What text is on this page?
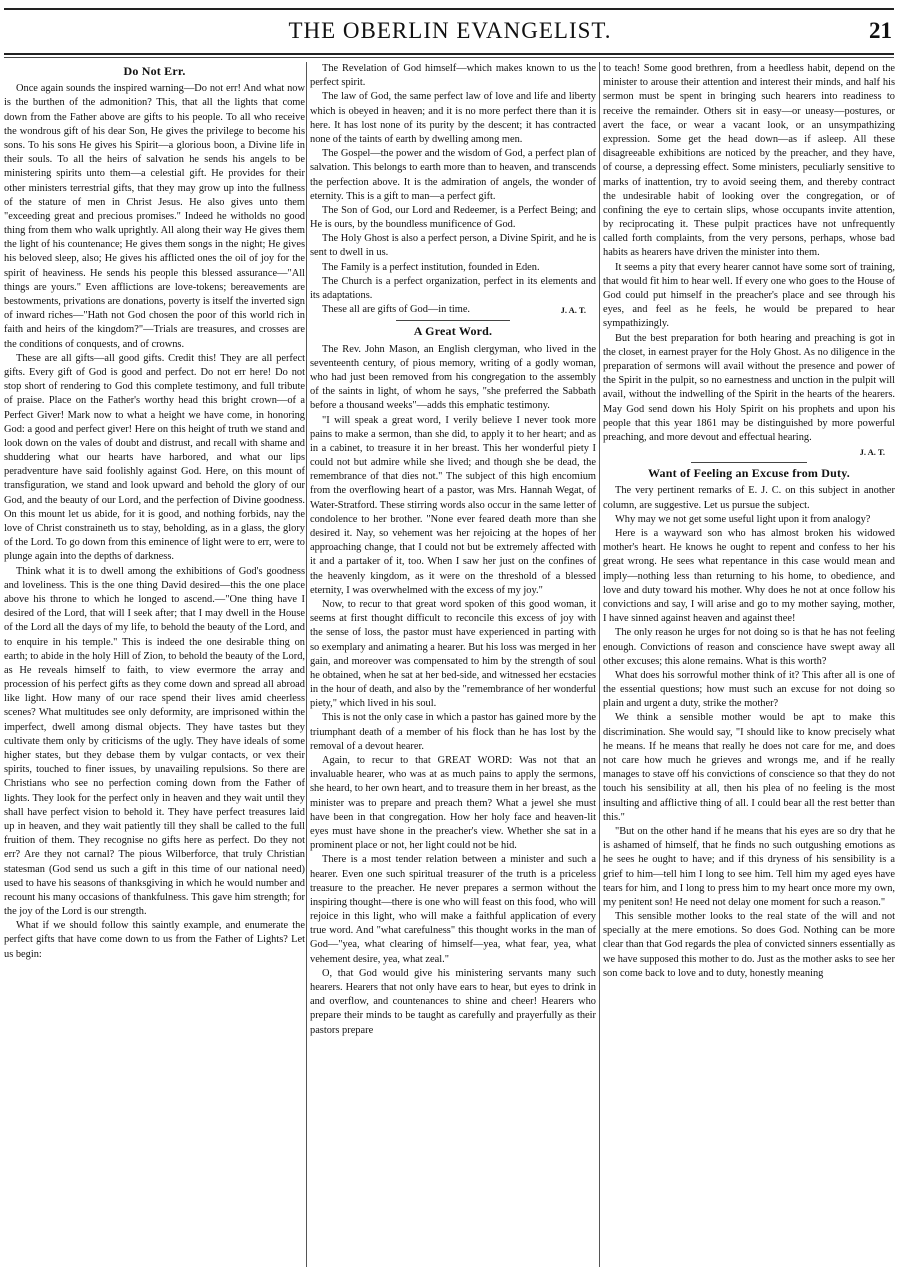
THE OBERLIN EVANGELIST.	21
Do Not Err.

Once again sounds the inspired warning—Do not err! And what now is the burthen of the admonition? This, that all the lights that come down from the Father above are gifts to his people. To all who receive the wondrous gift of his dear Son, He gives the privilege to become his sons. To his sons He gives his Spirit—a glorious boon, a Divine life in their souls. To all the heirs of salvation he sends his angels to be ministering spirits unto them—a celestial gift. He provides for their other ministers terrestrial gifts, that they may grow up into the fullness of the stature of men in Christ Jesus. He also gives unto them "exceeding great and precious promises." Indeed he witholds no good thing from them who walk uprightly. All along their way He gives them the light of his countenance; He gives them songs in the night; He gives his beloved sleep, also; He gives his afflicted ones the oil of joy for the spirit of heaviness. He sends his people this blessed assurance—"All things are yours." Even afflictions are love-tokens; bereavements are bestowments, privations are donations, poverty is itself the inverted sign of inward riches—"Hath not God chosen the poor of this world rich in faith and heirs of the kingdom?"—Trials are treasures, and crosses are the conditions of conquests, and of crowns.

These are all gifts—all good gifts. Credit this! They are all perfect gifts. Every gift of God is good and perfect. Do not err here! Do not stop short of rendering to God this complete testimony, and full tribute of praise. Place on the Father's worthy head this bright crown—of a Perfect Giver! Mark now to what a height we have come, in honoring God: a good and perfect giver! Here on this height of truth we stand and look down on the vales of doubt and distrust, and recall with shame and shuddering what our hearts have harbored, and what our lips peradventure have said foolishly against God. Here, on this mount of transfiguration, we stand and look upward and behold the glory of our God, and the beauty of our Lord, and the perfection of Divine goodness. On this mount let us abide, for it is good, and nothing forbids, nay the love of Christ constraineth us to stay, beholding, as in a glass, the glory of the Lord. To go down from this eminence of light were to err, were to plunge again into the depths of darkness.

Think what it is to dwell among the exhibitions of God's goodness and loveliness. This is the one thing David desired—this the one place above his throne to which he longed to ascend.—"One thing have I desired of the Lord, that will I seek after; that I may dwell in the House of the Lord all the days of my life, to behold the beauty of the Lord, and to enquire in his temple." This is indeed the one desirable thing on earth; to abide in the holy Hill of Zion, to behold the beauty of the Lord, as He reveals himself to faith, to view evermore the array and procession of his perfect gifts as they come down and spread all abroad like light. How many of our race spend their lives amid cheerless scenes? What multitudes see only deformity, are imprisoned within the imperfect, dwell among dismal objects. They have tastes but they cultivate them only by criticisms of the ugly. They have ideals of some higher states, but they debase them by vulgar contacts, or vex their spirits, touched to finer issues, by unavailing repulsions. So there are Christians who see no perfection coming down from the Father of lights. They look for the perfect only in heaven and they wait until they shall have perfect vision to behold it. They have perfect treasures laid up in heaven, and they wait patiently till they shall be called to the full fruition of them. They recognise no gifts here as perfect. Do they not err? Are they not carnal? The pious Wilberforce, that truly Christian statesman (God send us such a gift in this time of our national need) used to have his seasons of thanksgiving in which he would number and recount his many occasions of thankfulness. This gave him strength; for the joy of the Lord is our strength.

What if we should follow this saintly example, and enumerate the perfect gifts that have come down to us from the Father of Lights? Let us begin:

The Revelation of God himself—which makes known to us the perfect spirit.

The law of God, the same perfect law of love and life and liberty which is obeyed in heaven; and it is no more perfect there than it is here. It has lost none of its purity by the descent; it has contracted none of the taints of earth by dwelling among men.

The Gospel—the power and the wisdom of God, a perfect plan of salvation. This belongs to earth more than to heaven, and transcends the perfection above. It is the admiration of angels, the wonder of eternity. This is a gift to man—a perfect gift.

The Son of God, our Lord and Redeemer, is a Perfect Being; and He is ours, by the boundless munificence of God.

The Holy Ghost is also a perfect person, a Divine Spirit, and he is sent to dwell in us.

The Family is a perfect institution, founded in Eden.

The Church is a perfect organization, perfect in its elements and its adaptations.

These all are gifts of God—in time.	J. A. T.
A Great Word.

The Rev. John Mason, an English clergyman, who lived in the seventeenth century, of pious memory, writing of a godly woman, who had just been removed from his congregation to the assembly of the saints in light, of whom he says, "she preferred the Sabbath before a thousand weeks"—adds this emphatic testimony.

"I will speak a great word, I verily believe I never took more pains to make a sermon, than she did, to apply it to her heart; and as in a cabinet, to treasure it in her breast. This her wonderful piety I could not but admire while she lived; and though she be dead, the remembrance of that dies not." The subject of this high encomium from the overflowing heart of a pastor, was Mrs. Hannah Wegat, of Water-Stratford. These stirring words also occur in the same letter of condolence to her brother. "None ever feared death more than she desired it. Nay, so vehement was her rejoicing at the hopes of her approaching change, that I could not but be extremely affected with it and a partaker of it, too. When I saw her just on the confines of the heavenly kingdom, as it were on the threshold of a blessed eternity, I was overwhelmed with the excess of my joy."

Now, to recur to that great word spoken of this good woman, it seems at first thought difficult to reconcile this excess of joy with the sense of loss, the pastor must have experienced in parting with so exemplary and animating a hearer. But his loss was merged in her gain, and moreover was compensated to him by the strength of soul he obtained, when he sat at her bed-side, and witnessed her ecstacies in the hour of death, and also by the "remembrance of her wonderful piety," which lived in his soul.

This is not the only case in which a pastor has gained more by the triumphant death of a member of his flock than he has lost by the removal of a devout hearer.

Again, to recur to that GREAT WORD: Was not that an invaluable hearer, who was at as much pains to apply the sermons, she heard, to her own heart, and to treasure them in her breast, as the minister was to prepare and preach them? What a jewel she must have been in that congregation. How her holy face and heaven-lit eyes must have shone in the preacher's view. Whether she sat in a prominent place or not, her light could not be hid.

There is a most tender relation between a minister and such a hearer. Even one such spiritual treasurer of the truth is a priceless treasure to the preacher. He never prepares a sermon without the inspiring thought—there is one who will feast on this food, who will rejoice in this light, who will make a faithful application of every true word. And "what carefulness" this thought works in the man of God—"yea, what clearing of himself—yea, what fear, yea, what vehement desire, yea, what zeal."

O, that God would give his ministering servants many such hearers. Hearers that not only have ears to hear, but eyes to drink in and overflow, and countenances to shine and cheer! Hearers who prepare their minds to be taught as carefully and prayerfully as their pastors prepare

to teach! Some good brethren, from a heedless habit, depend on the minister to arouse their attention and interest their minds, and half his sermon must be spent in bringing such hearers into readiness to receive the remainder. Others sit in easy—or uneasy—postures, or avert the face, or wear a vacant look, or an unsympathizing expression. Some get the head down—as if asleep. All these disagreeable exhibitions are noticed by the preacher, and they have, of course, a depressing effect. Some ministers, peculiarly sensitive to marks of inattention, try to avoid seeing them, and thereby contract the undesirable habit of looking over the congregation, or of confining the eye to certain slips, whose occupants invite attention, by reciprocating it. These pulpit practices have not unfrequently called forth complaints, from the very persons, perhaps, whose bad habits as hearers have driven the minister into them.

It seems a pity that every hearer cannot have some sort of training, that would fit him to hear well. If every one who goes to the House of God could put himself in the preacher's place and see through his eyes, and feel as he feels, he would be prepared to hear sympathizingly.

But the best preparation for both hearing and preaching is got in the closet, in earnest prayer for the Holy Ghost. As no diligence in the preparation of sermons will avail without the presence and power of the Spirit in the pulpit, so no earnestness and unction in the pulpit will avail, without the indwelling of the Spirit in the hearts of the hearers. May God send down his Holy Spirit on his prophets and upon his people that this year 1861 may be distinguished by more powerful preaching, and more devout and effectual hearing.

J. A. T.
Want of Feeling an Excuse from Duty.

The very pertinent remarks of E. J. C. on this subject in another column, are suggestive. Let us pursue the subject.

Why may we not get some useful light upon it from analogy?

Here is a wayward son who has almost broken his widowed mother's heart. He knows he ought to repent and confess to her his great wrong. He sees what repentance in this case would mean and imply—nothing less than returning to his home, to obedience, and love and duty toward his mother. Why does he not at once follow his convictions and say, I will arise and go to my mother saying, mother, I have sinned against heaven and against thee!

The only reason he urges for not doing so is that he has not feeling enough. Convictions of reason and conscience have swept away all other excuses; this alone remains. What is this worth?

What does his sorrowful mother think of it? This after all is one of the essential questions; how must such an excuse for not doing so plain and urgent a duty, strike the mother?

We think a sensible mother would be apt to make this discrimination. She would say, "I should like to know precisely what he means. If he means that really he does not care for me, and does not care how much he grieves and wrongs me, and if he really manages to stave off his convictions of conscience so that they do not touch his sensibility at all, then his plea of no feeling is the most insulting and afflictive thing of all. I could bear all the rest better than this."

"But on the other hand if he means that his eyes are so dry that he is ashamed of himself, that he finds no such outgushing emotions as he sees he ought to have; and if this dryness of his sensibility is a grief to him—tell him I long to see him. Tell him my aged eyes have tears for him, and I long to press him to my heart once more my own, my penitent son! He need not delay one moment for such a reason."

This sensible mother looks to the real state of the will and not specially at the mere emotions. So does God. Nothing can be more clear than that God regards the plea of convicted sinners essentially as we have supposed this mother to do. Just as the mother asks to see her son come back to love and to duty, honestly meaning
